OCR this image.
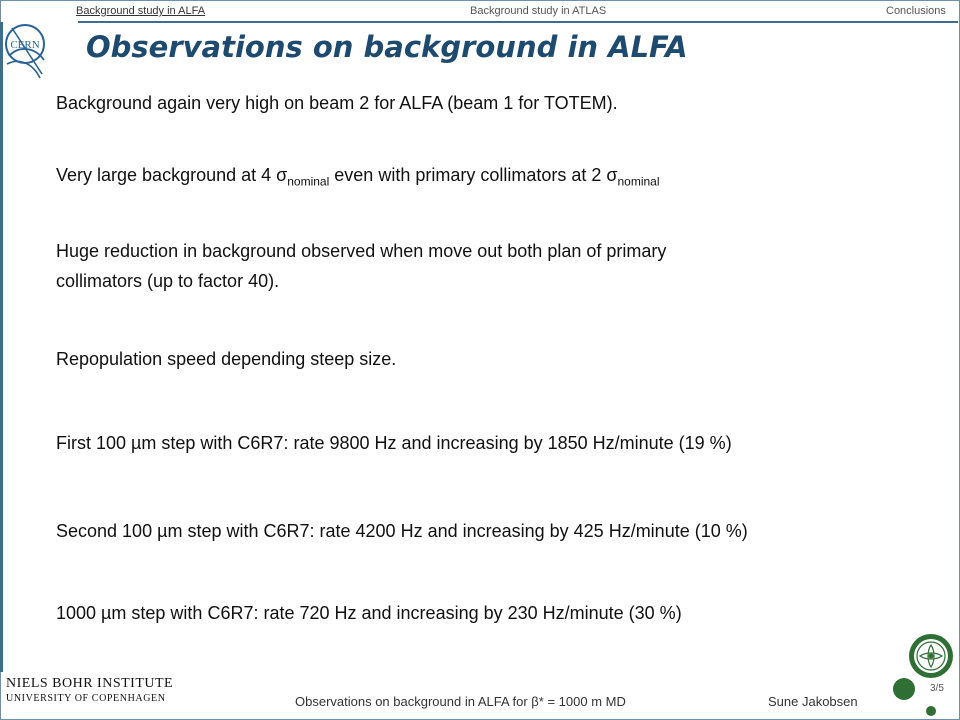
Background study in ALFA	Background study in ATLAS	Conclusions
CERN Observations on background in ALFA
Background again very high on beam 2 for ALFA (beam 1 for TOTEM).
Very large background at 4 $\sigma_{nominal}$ even with primary collimators at 2 $\sigma_{nominal}$
Huge reduction in background observed when move out both plan of primary
collimators (up to factor 40).
Repopulation speed depending steep size.
First 100 µm step with C6R7: rate 9800 Hz and increasing by 1850 Hz/minute (19 %)
Second 100 µm step with C6R7: rate 4200 Hz and increasing by 425 Hz/minute (10 %)
1000 µm step with C6R7: rate 720 Hz and increasing by 230 Hz/minute (30 %)
NIELS BOHR INSTITUTE
UNIVERSITY OF COPENHAGEN	Observations on background in ALFA for β* = 1000 m MD	Sune Jakobsen
3/5
